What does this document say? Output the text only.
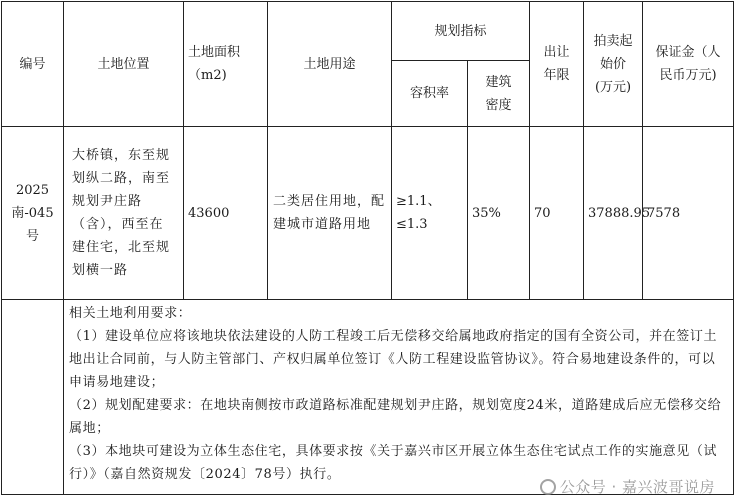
编号	土地位置	土地面积（m2)	土地用途	规划指标		出让年限	拍卖起始价(万元)	保证金（人民币万元)
				容积率	建筑密度			
2025南-045号	大桥镇，东至规划纵二路，南至规划尹庄路（含），西至在建住宅，北至规划横一路	43600	二类居住用地，配建城市道路用地	≥1.1、≤1.3	35%	70	37888.95	7578

	相关土地利用要求：
（1）建设单位应将该地块依法建设的人防工程竣工后无偿移交给属地政府指定的国有全资公司，并在签订土地出让合同前，与人防主管部门、产权归属单位签订《人防工程建设监管协议》。符合易地建设条件的，可以申请易地建设；
（2）规划配建要求：在地块南侧按市政道路标准配建规划尹庄路，规划宽度24米，道路建成后应无偿移交给属地；
（3）本地块可建设为立体生态住宅，具体要求按《关于嘉兴市区开展立体生态住宅试点工作的实施意见（试行）》（嘉自然资规发〔2024〕78号）执行。							
公众号 · 嘉兴波哥说房
